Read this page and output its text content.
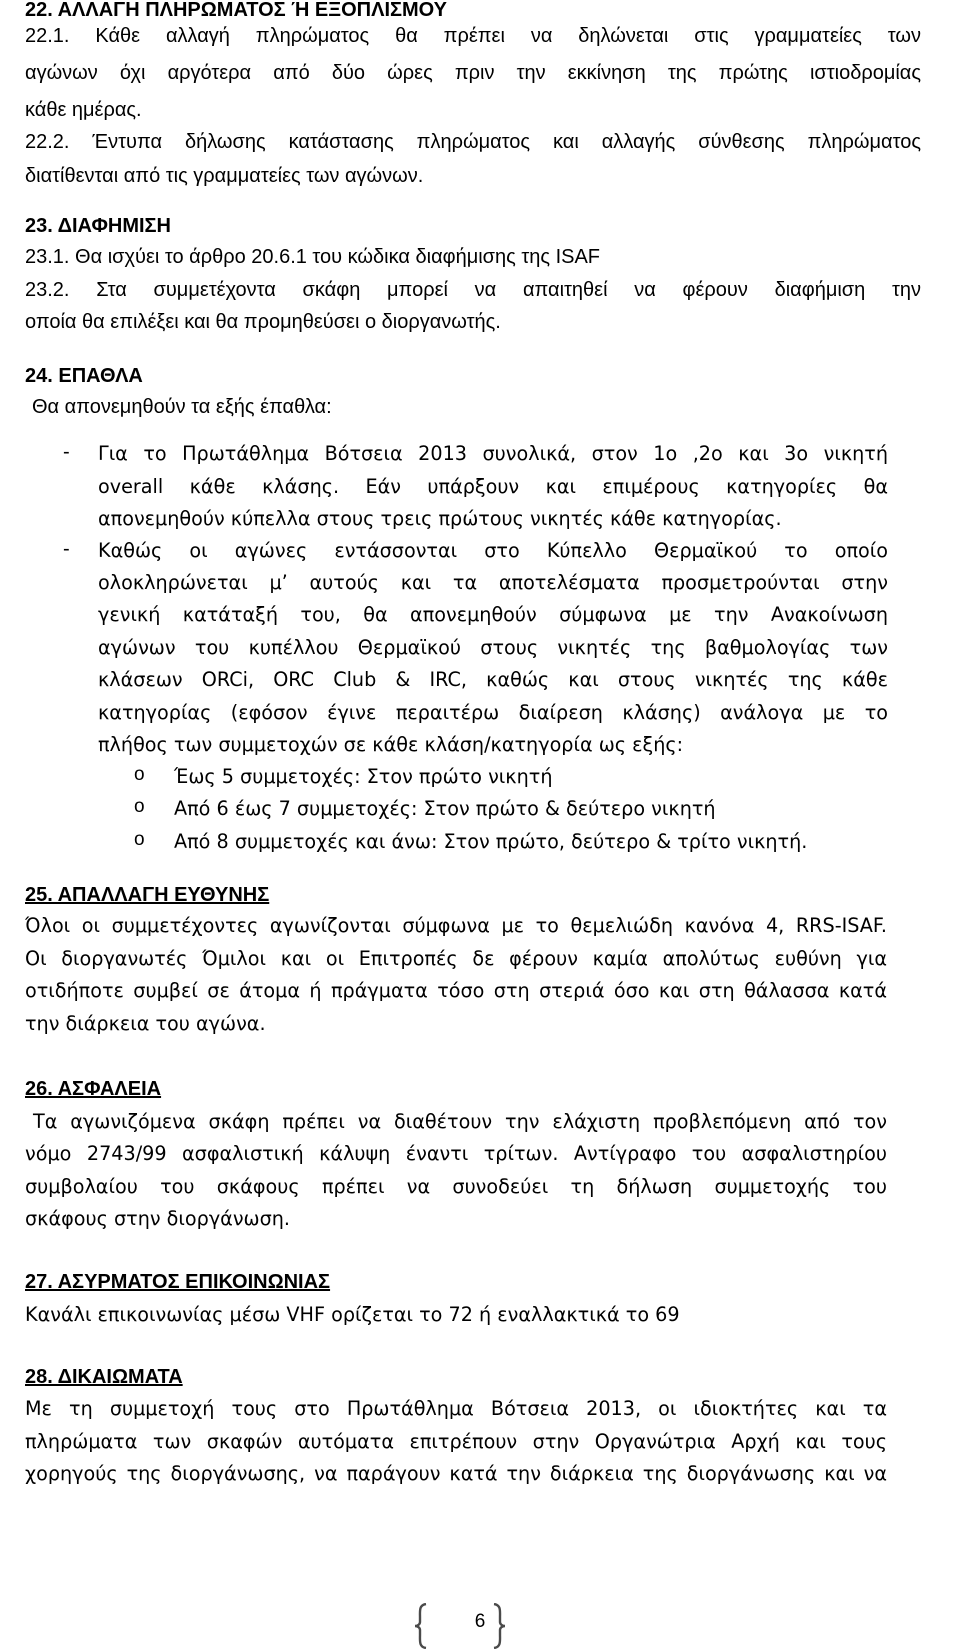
22. ΑΛΛΑΓΗ ΠΛΗΡΩΜΑΤΟΣ Ή ΕΞΟΠΛΙΣΜΟΥ
22.1. Κάθε αλλαγή πληρώματος θα πρέπει να δηλώνεται στις γραμματείες των
αγώνων όχι αργότερα από δύο ώρες πριν την εκκίνηση της πρώτης ιστιοδρομίας
κάθε ημέρας.
22.2. Έντυπα δήλωσης κατάστασης πληρώματος και αλλαγής σύνθεσης πληρώματος
διατίθενται από τις γραμματείες των αγώνων.
23. ΔΙΑΦΗΜΙΣΗ
23.1. Θα ισχύει το άρθρο 20.6.1 του κώδικα διαφήμισης της ISAF
23.2. Στα συμμετέχοντα σκάφη μπορεί να απαιτηθεί να φέρουν διαφήμιση την
οποία θα επιλέξει και θα προμηθεύσει ο διοργανωτής.
24. ΕΠΑΘΛΑ
Θα απονεμηθούν τα εξής έπαθλα:
- Για το Πρωτάθλημα Βότσεια 2013 συνολικά, στον 1ο ,2ο και 3ο νικητή
overall κάθε κλάσης. Εάν υπάρξουν και επιμέρους κατηγορίες θα
απονεμηθούν κύπελλα στους τρεις πρώτους νικητές κάθε κατηγορίας.
- Καθώς οι αγώνες εντάσσονται στο Κύπελλο Θερμαϊκού το οποίο
ολοκληρώνεται μ’ αυτούς και τα αποτελέσματα προσμετρούνται στην
γενική κατάταξή του, θα απονεμηθούν σύμφωνα με την Ανακοίνωση
αγώνων του κυπέλλου Θερμαϊκού στους νικητές της βαθμολογίας των
κλάσεων ORCi, ORC Club & IRC, καθώς και στους νικητές της κάθε
κατηγορίας (εφόσον έγινε περαιτέρω διαίρεση κλάσης) ανάλογα με το
πλήθος των συμμετοχών σε κάθε κλάση/κατηγορία ως εξής:
o Έως 5 συμμετοχές: Στον πρώτο νικητή
o Από 6 έως 7 συμμετοχές: Στον πρώτο & δεύτερο νικητή
o Από 8 συμμετοχές και άνω: Στον πρώτο, δεύτερο & τρίτο νικητή.
25. ΑΠΑΛΛΑΓΗ ΕΥΘΥΝΗΣ
Όλοι οι συμμετέχοντες αγωνίζονται σύμφωνα με το θεμελιώδη κανόνα 4, RRS-ISAF.
Οι διοργανωτές Όμιλοι και οι Επιτροπές δε φέρουν καμία απολύτως ευθύνη για
οτιδήποτε συμβεί σε άτομα ή πράγματα τόσο στη στεριά όσο και στη θάλασσα κατά
την διάρκεια του αγώνα.
26. ΑΣΦΑΛΕΙΑ
Τα αγωνιζόμενα σκάφη πρέπει να διαθέτουν την ελάχιστη προβλεπόμενη από τον
νόμο 2743/99 ασφαλιστική κάλυψη έναντι τρίτων. Αντίγραφο του ασφαλιστηρίου
συμβολαίου του σκάφους πρέπει να συνοδεύει τη δήλωση συμμετοχής του
σκάφους στην διοργάνωση.
27. ΑΣΥΡΜΑΤΟΣ ΕΠΙΚΟΙΝΩΝΙΑΣ
Κανάλι επικοινωνίας μέσω VHF ορίζεται το 72 ή εναλλακτικά το 69
28. ΔΙΚΑΙΩΜΑΤΑ
Με τη συμμετοχή τους στο Πρωτάθλημα Βότσεια 2013, οι ιδιοκτήτες και τα
πληρώματα των σκαφών αυτόματα επιτρέπουν στην Οργανώτρια Αρχή και τους
χορηγούς της διοργάνωσης, να παράγουν κατά την διάρκεια της διοργάνωσης και να
6
